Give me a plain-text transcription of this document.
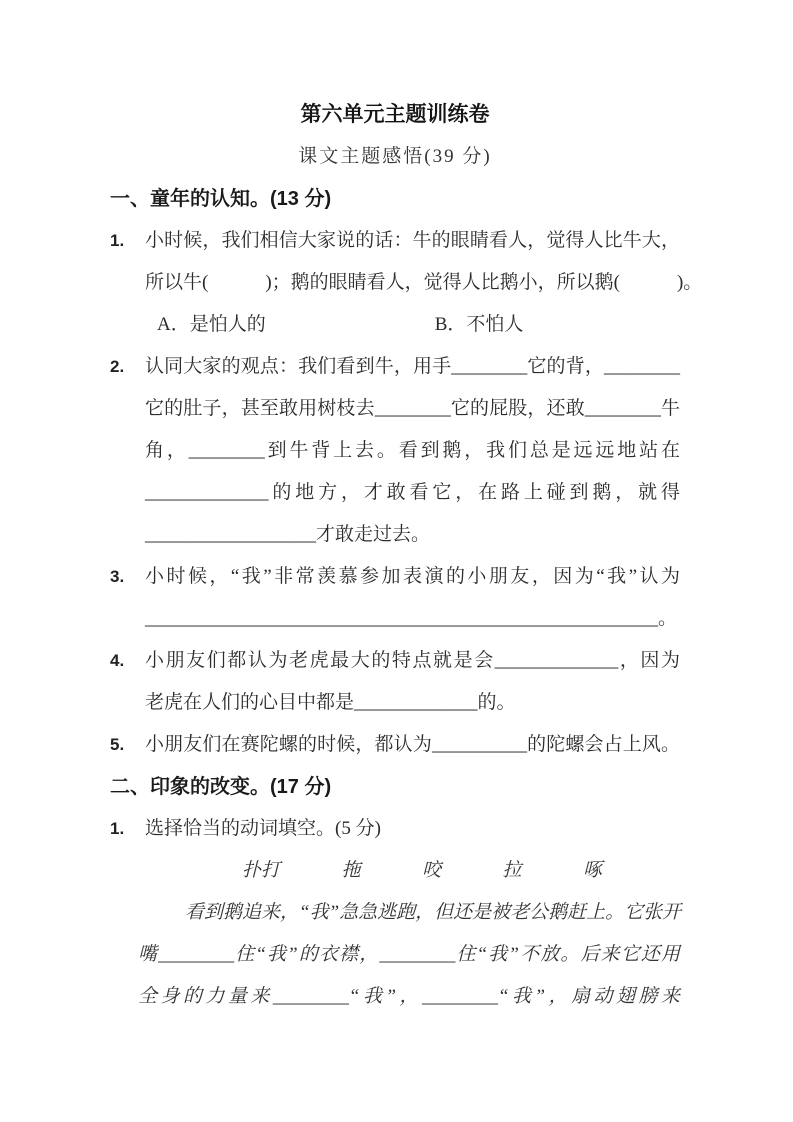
第六单元主题训练卷
课文主题感悟(39 分)
一、童年的认知。(13 分)
1.	小时候，我们相信大家说的话：牛的眼睛看人，觉得人比牛大，
所以牛(　　　)；鹅的眼睛看人，觉得人比鹅小，所以鹅(　　　)。
A．是怕人的	B．不怕人
2.	认同大家的观点：我们看到牛，用手________它的背，________
它的肚子，甚至敢用树枝去________它的屁股，还敢________牛
角，________到牛背上去。看到鹅，我们总是远远地站在
_____________的地方，才敢看它，在路上碰到鹅，就得
__________________才敢走过去。
3.	小时候，“我”非常羡慕参加表演的小朋友，因为“我”认为
______________________________________________________。
4.	小朋友们都认为老虎最大的特点就是会_____________，因为
老虎在人们的心目中都是_____________的。
5.	小朋友们在赛陀螺的时候，都认为__________的陀螺会占上风。
二、印象的改变。(17 分)
1.	选择恰当的动词填空。(5 分)
扑打	拖	咬	拉	啄
看到鹅追来，“我”急急逃跑，但还是被老公鹅赶上。它张开
嘴________住“我”的衣襟，________住“我”不放。后来它还用
全身的力量来________“我”，________“我”，扇动翅膀来
